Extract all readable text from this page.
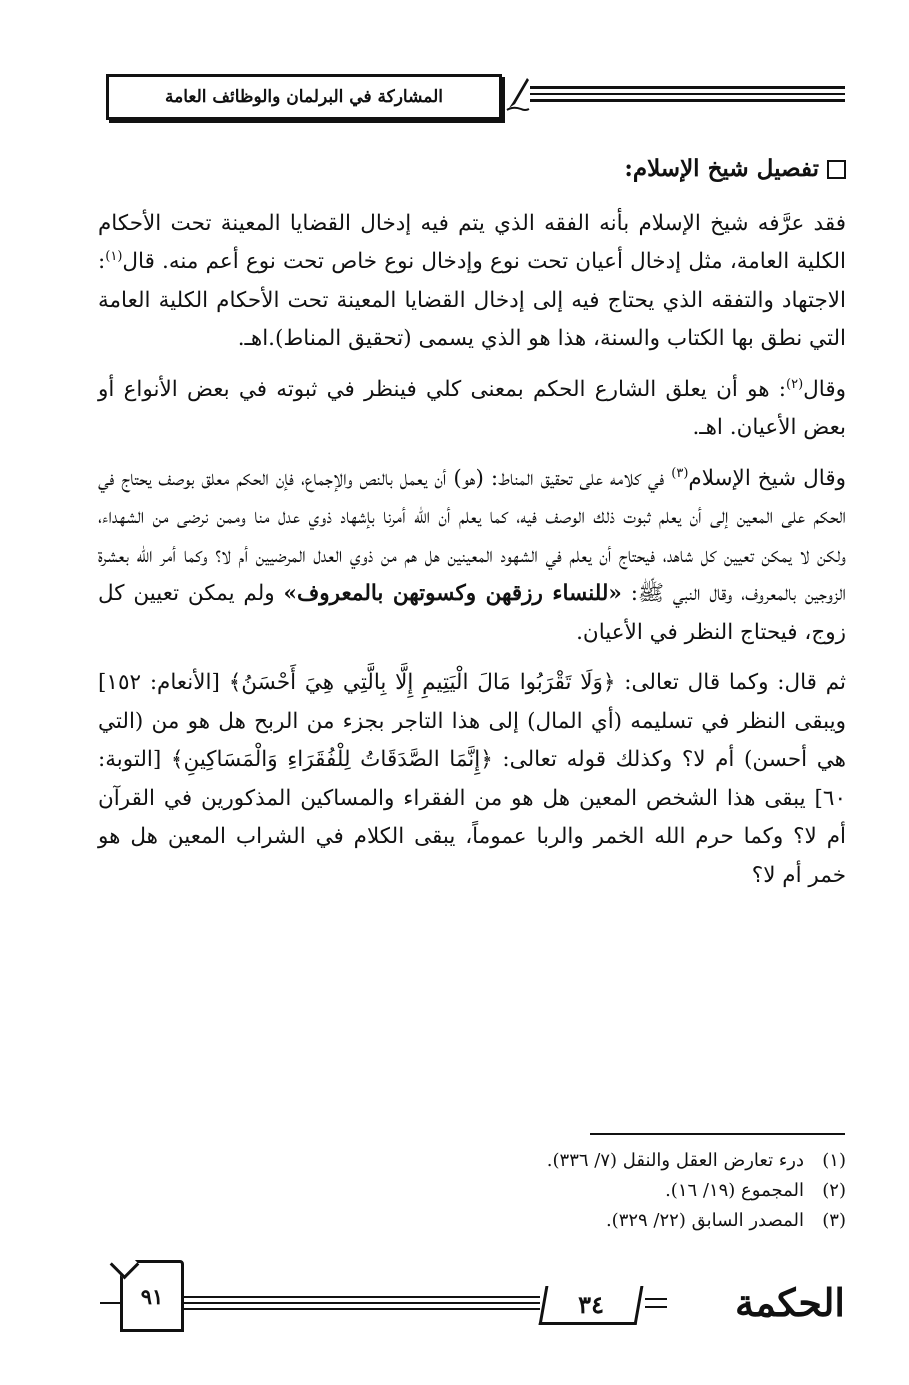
المشاركة في البرلمان والوظائف العامة

تفصيل شيخ الإسلام:

فقد عرَّفه شيخ الإسلام بأنه الفقه الذي يتم فيه إدخال القضايا المعينة تحت الأحكام الكلية العامة، مثل إدخال أعيان تحت نوع وإدخال نوع خاص تحت نوع أعم منه. قال$^{(١)}$: الاجتهاد والتفقه الذي يحتاج فيه إلى إدخال القضايا المعينة تحت الأحكام الكلية العامة التي نطق بها الكتاب والسنة، هذا هو الذي يسمى (تحقيق المناط).اهـ.

وقال$^{(٢)}$: هو أن يعلق الشارع الحكم بمعنى كلي فينظر في ثبوته في بعض الأنواع أو بعض الأعيان. اهـ.

وقال شيخ الإسلام$^{(٣)}$ في كلامه على تحقيق المناط: (هو) أن يعمل بالنص والإجماع، فإن الحكم معلق بوصف يحتاج في الحكم على المعين إلى أن يعلم ثبوت ذلك الوصف فيه، كما يعلم أن الله أمرنا بإشهاد ذوي عدل منا وممن نرضى من الشهداء، ولكن لا يمكن تعيين كل شاهد، فيحتاج أن يعلم في الشهود المعينين هل هم من ذوي العدل المرضيين أم لا؟ وكما أمر الله بعشرة الزوجين بالمعروف، وقال النبي ﷺ: «للنساء رزقهن وكسوتهن بالمعروف» ولم يمكن تعيين كل زوج، فيحتاج النظر في الأعيان.

ثم قال: وكما قال تعالى: ﴿وَلَا تَقْرَبُوا مَالَ الْيَتِيمِ إِلَّا بِالَّتِي هِيَ أَحْسَنُ﴾ [الأنعام: ١٥٢] ويبقى النظر في تسليمه (أي المال) إلى هذا التاجر بجزء من الربح هل هو من (التي هي أحسن) أم لا؟ وكذلك قوله تعالى: ﴿إِنَّمَا الصَّدَقَاتُ لِلْفُقَرَاءِ وَالْمَسَاكِينِ﴾ [التوبة: ٦٠] يبقى هذا الشخص المعين هل هو من الفقراء والمساكين المذكورين في القرآن أم لا؟ وكما حرم الله الخمر والربا عموماً، يبقى الكلام في الشراب المعين هل هو خمر أم لا؟

(١)
درء تعارض العقل والنقل (٧/ ٣٣٦).
(٢)
المجموع (١٩/ ١٦).
(٣)
المصدر السابق (٢٢/ ٣٢٩).
٩١	٣٤	الحكمة
